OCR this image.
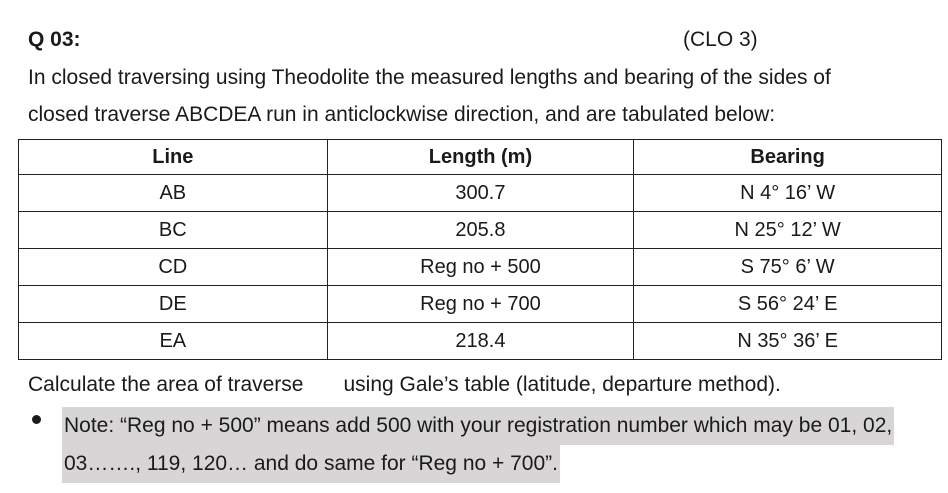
Q 03:	(CLO 3)
In closed traversing using Theodolite the measured lengths and bearing of the sides of
closed traverse ABCDEA run in anticlockwise direction, and are tabulated below:
Line	Length (m)	Bearing
AB	300.7	N 4° 16’ W
BC	205.8	N 25° 12’ W
CD	Reg no + 500	S 75° 6’ W
DE	Reg no + 700	S 56° 24’ E
EA	218.4	N 35° 36’ E
Calculate the area of traverse using Gale’s table (latitude, departure method).
Note: “Reg no + 500” means add 500 with your registration number which may be 01, 02,
03……., 119, 120… and do same for “Reg no + 700”.
